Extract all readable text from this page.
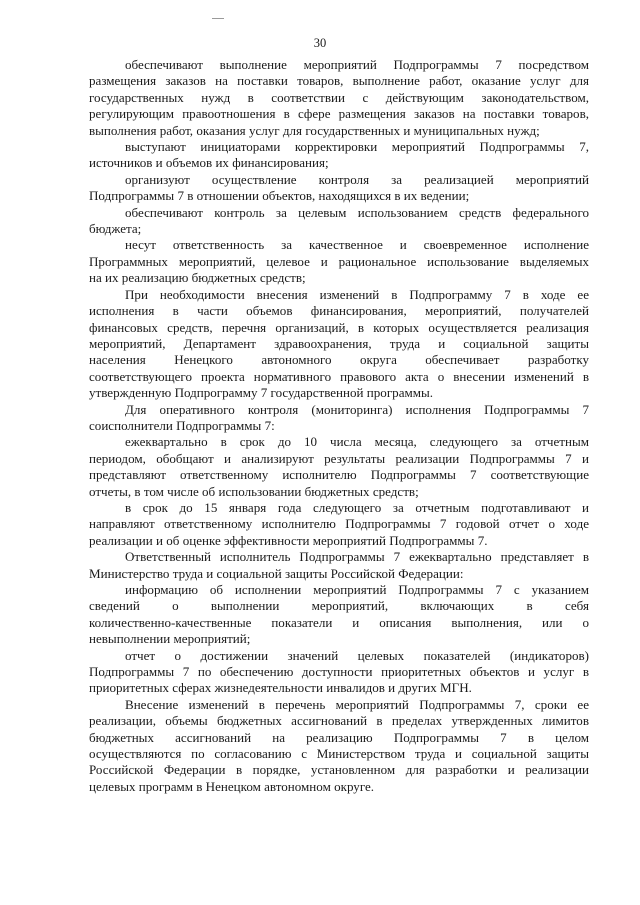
30
обеспечивают выполнение мероприятий Подпрограммы 7 посредством
размещения заказов на поставки товаров, выполнение работ, оказание услуг для
государственных нужд в соответствии с действующим законодательством,
регулирующим правоотношения в сфере размещения заказов на поставки товаров,
выполнения работ, оказания услуг для государственных и муниципальных нужд;
выступают инициаторами корректировки мероприятий Подпрограммы 7,
источников и объемов их финансирования;
организуют осуществление контроля за реализацией мероприятий
Подпрограммы 7 в отношении объектов, находящихся в их ведении;
обеспечивают контроль за целевым использованием средств федерального
бюджета;
несут ответственность за качественное и своевременное исполнение
Программных мероприятий, целевое и рациональное использование выделяемых
на их реализацию бюджетных средств;
При необходимости внесения изменений в Подпрограмму 7 в ходе ее
исполнения в части объемов финансирования, мероприятий, получателей
финансовых средств, перечня организаций, в которых осуществляется реализация
мероприятий, Департамент здравоохранения, труда и социальной защиты
населения Ненецкого автономного округа обеспечивает разработку
соответствующего проекта нормативного правового акта о внесении изменений в
утвержденную Подпрограмму 7 государственной программы.
Для оперативного контроля (мониторинга) исполнения Подпрограммы 7
соисполнители Подпрограммы 7:
ежеквартально в срок до 10 числа месяца, следующего за отчетным
периодом, обобщают и анализируют результаты реализации Подпрограммы 7 и
представляют ответственному исполнителю Подпрограммы 7 соответствующие
отчеты, в том числе об использовании бюджетных средств;
в срок до 15 января года следующего за отчетным подготавливают и
направляют ответственному исполнителю Подпрограммы 7 годовой отчет о ходе
реализации и об оценке эффективности мероприятий Подпрограммы 7.
Ответственный исполнитель Подпрограммы 7 ежеквартально представляет в
Министерство труда и социальной защиты Российской Федерации:
информацию об исполнении мероприятий Подпрограммы 7 с указанием
сведений о выполнении мероприятий, включающих в себя
количественно-качественные показатели и описания выполнения, или о
невыполнении мероприятий;
отчет о достижении значений целевых показателей (индикаторов)
Подпрограммы 7 по обеспечению доступности приоритетных объектов и услуг в
приоритетных сферах жизнедеятельности инвалидов и других МГН.
Внесение изменений в перечень мероприятий Подпрограммы 7, сроки ее
реализации, объемы бюджетных ассигнований в пределах утвержденных лимитов
бюджетных ассигнований на реализацию Подпрограммы 7 в целом
осуществляются по согласованию с Министерством труда и социальной защиты
Российской Федерации в порядке, установленном для разработки и реализации
целевых программ в Ненецком автономном округе.
